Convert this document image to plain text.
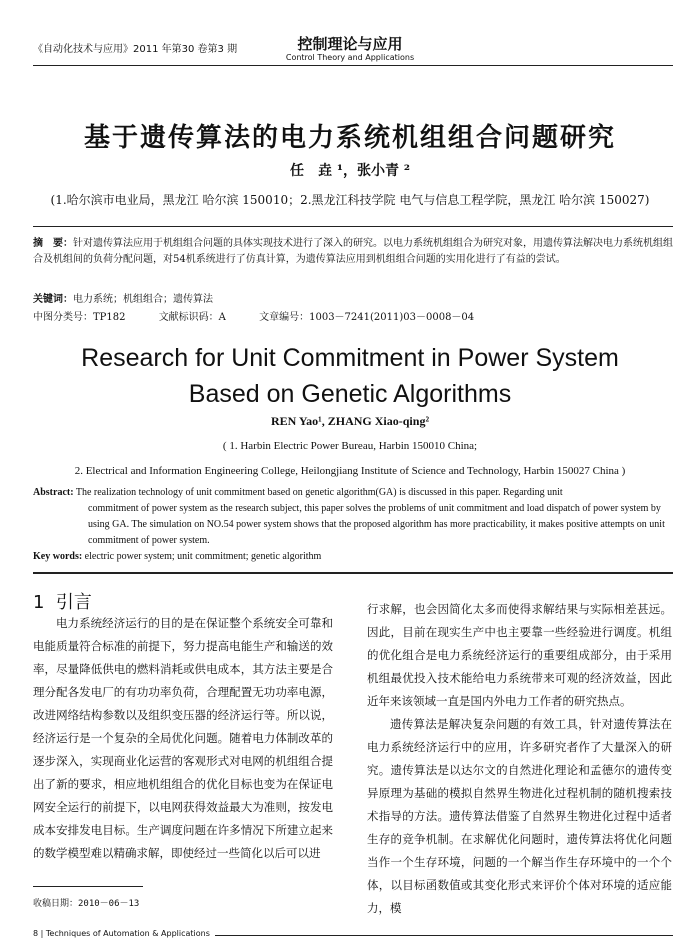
《自动化技术与应用》2011 年第30 卷第3 期	控制理论与应用
Control Theory and Applications
基于遗传算法的电力系统机组组合问题研究
任　垚 ¹，张小青 ²
(1.哈尔滨市电业局，黑龙江 哈尔滨 150010；2.黑龙江科技学院 电气与信息工程学院，黑龙江 哈尔滨 150027)
摘　要：针对遗传算法应用于机组组合问题的具体实现技术进行了深入的研究。以电力系统机组组合为研究对象，用遗传算法解决电力系统机组组合及机组间的负荷分配问题，对54机系统进行了仿真计算，为遗传算法应用到机组组合问题的实用化进行了有益的尝试。
关键词：电力系统；机组组合；遗传算法
中图分类号：TP182	文献标识码：A	文章编号：1003－7241(2011)03－0008－04
Research for Unit Commitment in Power System
Based on Genetic Algorithms
REN Yao¹, ZHANG Xiao-qing²
( 1. Harbin Electric Power Bureau, Harbin 150010 China;
2. Electrical and Information Engineering College, Heilongjiang Institute of Science and Technology, Harbin 150027 China )
Abstract: The realization technology of unit commitment based on genetic algorithm(GA) is discussed in this paper. Regarding unit
commitment of power system as the research subject, this paper solves the problems of unit commitment and load dispatch of power system by using GA. The simulation on NO.54 power system shows that the proposed algorithm has more practicability, it makes positive attempts on unit commitment of power system.
Key words: electric power system; unit commitment; genetic algorithm
1 引言

电力系统经济运行的目的是在保证整个系统安全可靠和电能质量符合标准的前提下，努力提高电能生产和输送的效率，尽量降低供电的燃料消耗或供电成本，其方法主要是合理分配各发电厂的有功功率负荷，合理配置无功功率电源，改进网络结构参数以及组织变压器的经济运行等。所以说，经济运行是一个复杂的全局优化问题。随着电力体制改革的逐步深入，实现商业化运营的客观形式对电网的机组组合提出了新的要求，相应地机组组合的优化目标也变为在保证电网安全运行的前提下，以电网获得效益最大为准则，按发电成本安排发电目标。生产调度问题在许多情况下所建立起来的数学模型难以精确求解，即使经过一些简化以后可以进

行求解，也会因简化太多而使得求解结果与实际相差甚远。因此，目前在现实生产中也主要靠一些经验进行调度。机组的优化组合是电力系统经济运行的重要组成部分，由于采用机组最优投入技术能给电力系统带来可观的经济效益，因此近年来该领域一直是国内外电力工作者的研究热点。

遗传算法是解决复杂问题的有效工具，针对遗传算法在电力系统经济运行中的应用，许多研究者作了大量深入的研究。遗传算法是以达尔文的自然进化理论和孟德尔的遗传变异原理为基础的模拟自然界生物进化过程机制的随机搜索技术指导的方法。遗传算法借鉴了自然界生物进化过程中适者生存的竞争机制。在求解优化问题时，遗传算法将优化问题当作一个生存环境，问题的一个解当作生存环境中的一个个体，以目标函数值或其变化形式来评价个体对环境的适应能力，模

收稿日期：2010－06－13
8 | Techniques of Automation & Applications
